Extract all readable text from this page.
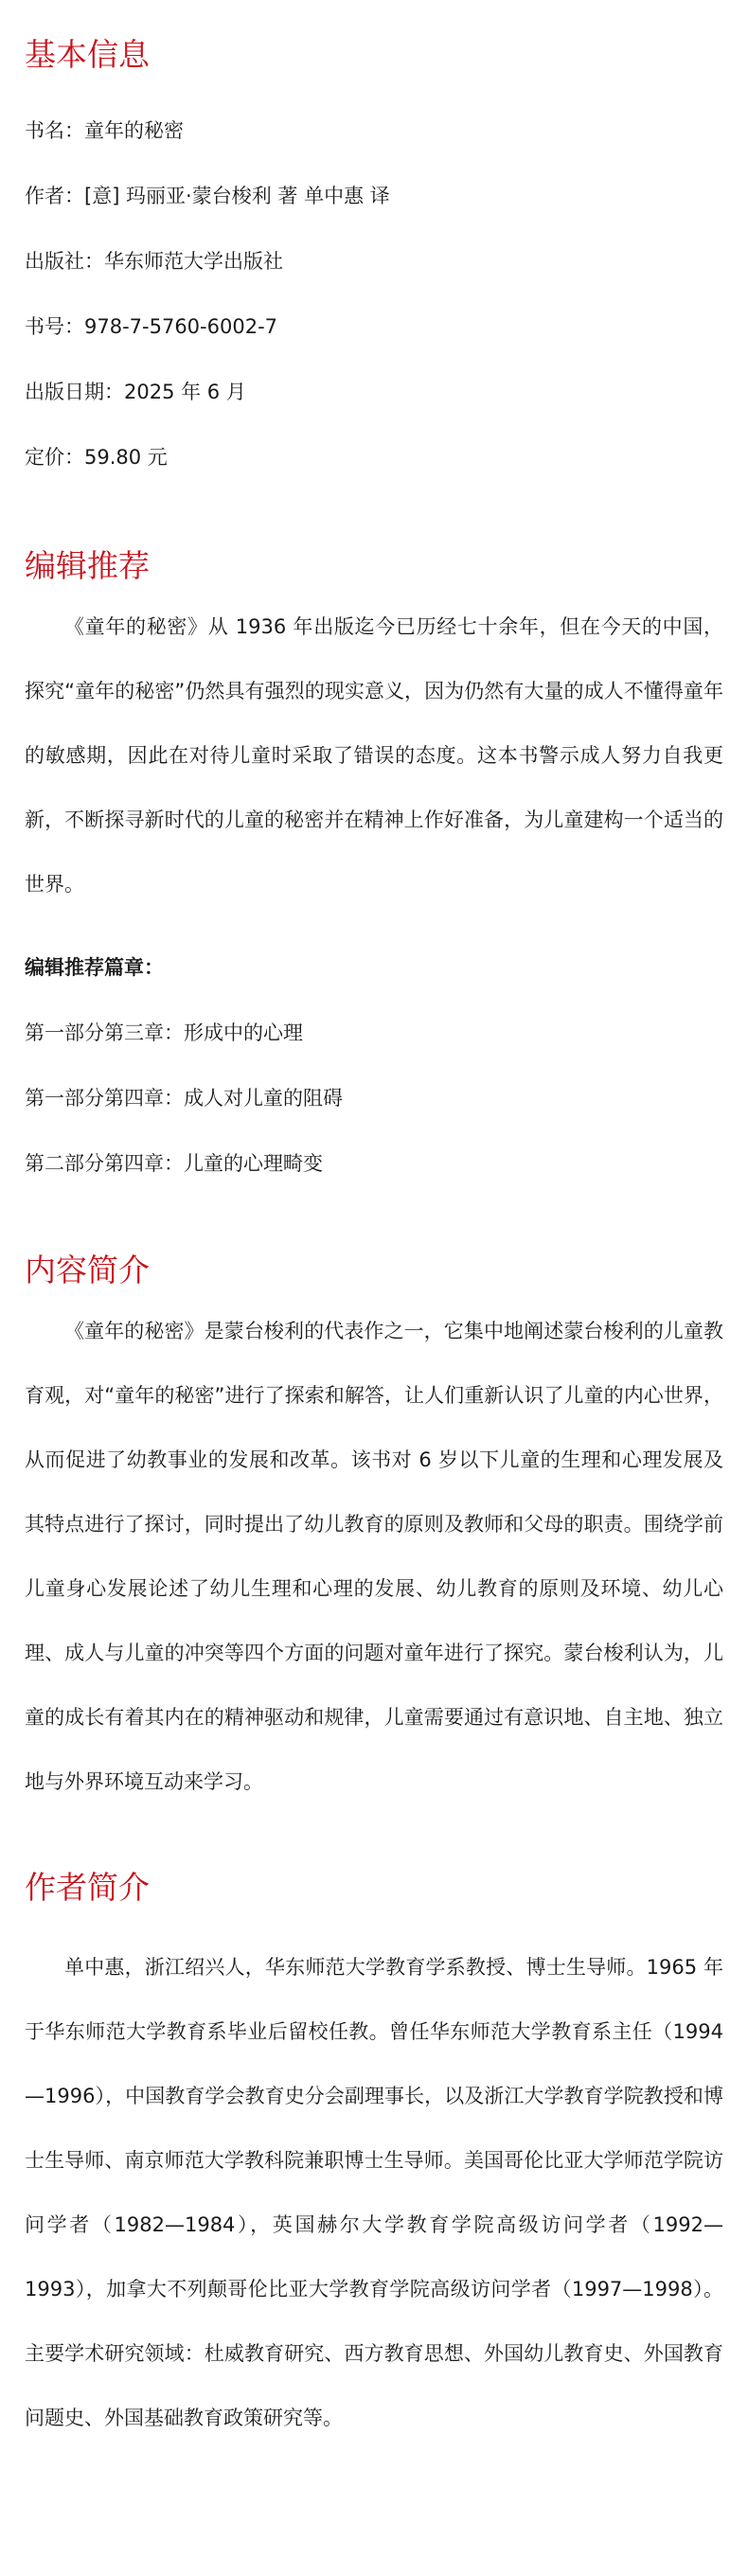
基本信息
书名：童年的秘密
作者：[意] 玛丽亚·蒙台梭利 著 单中惠 译
出版社：华东师范大学出版社
书号：978-7-5760-6002-7
出版日期：2025 年 6 月
定价：59.80 元
编辑推荐

《童年的秘密》从 1936 年出版迄今已历经七十余年，但在今天的中国，探究“童年的秘密”仍然具有强烈的现实意义，因为仍然有大量的成人不懂得童年的敏感期，因此在对待儿童时采取了错误的态度。这本书警示成人努力自我更新，不断探寻新时代的儿童的秘密并在精神上作好准备，为儿童建构一个适当的世界。

编辑推荐篇章：

第一部分第三章：形成中的心理
第一部分第四章：成人对儿童的阻碍
第二部分第四章：儿童的心理畸变
内容简介

《童年的秘密》是蒙台梭利的代表作之一，它集中地阐述蒙台梭利的儿童教育观，对“童年的秘密”进行了探索和解答，让人们重新认识了儿童的内心世界，从而促进了幼教事业的发展和改革。该书对 6 岁以下儿童的生理和心理发展及其特点进行了探讨，同时提出了幼儿教育的原则及教师和父母的职责。围绕学前儿童身心发展论述了幼儿生理和心理的发展、幼儿教育的原则及环境、幼儿心理、成人与儿童的冲突等四个方面的问题对童年进行了探究。蒙台梭利认为，儿童的成长有着其内在的精神驱动和规律，儿童需要通过有意识地、自主地、独立地与外界环境互动来学习。

作者简介

单中惠，浙江绍兴人，华东师范大学教育学系教授、博士生导师。1965 年于华东师范大学教育系毕业后留校任教。曾任华东师范大学教育系主任（1994—1996），中国教育学会教育史分会副理事长，以及浙江大学教育学院教授和博士生导师、南京师范大学教科院兼职博士生导师。美国哥伦比亚大学师范学院访问学者（1982—1984），英国赫尔大学教育学院高级访问学者（1992—1993），加拿大不列颠哥伦比亚大学教育学院高级访问学者（1997—1998）。主要学术研究领域：杜威教育研究、西方教育思想、外国幼儿教育史、外国教育问题史、外国基础教育政策研究等。
